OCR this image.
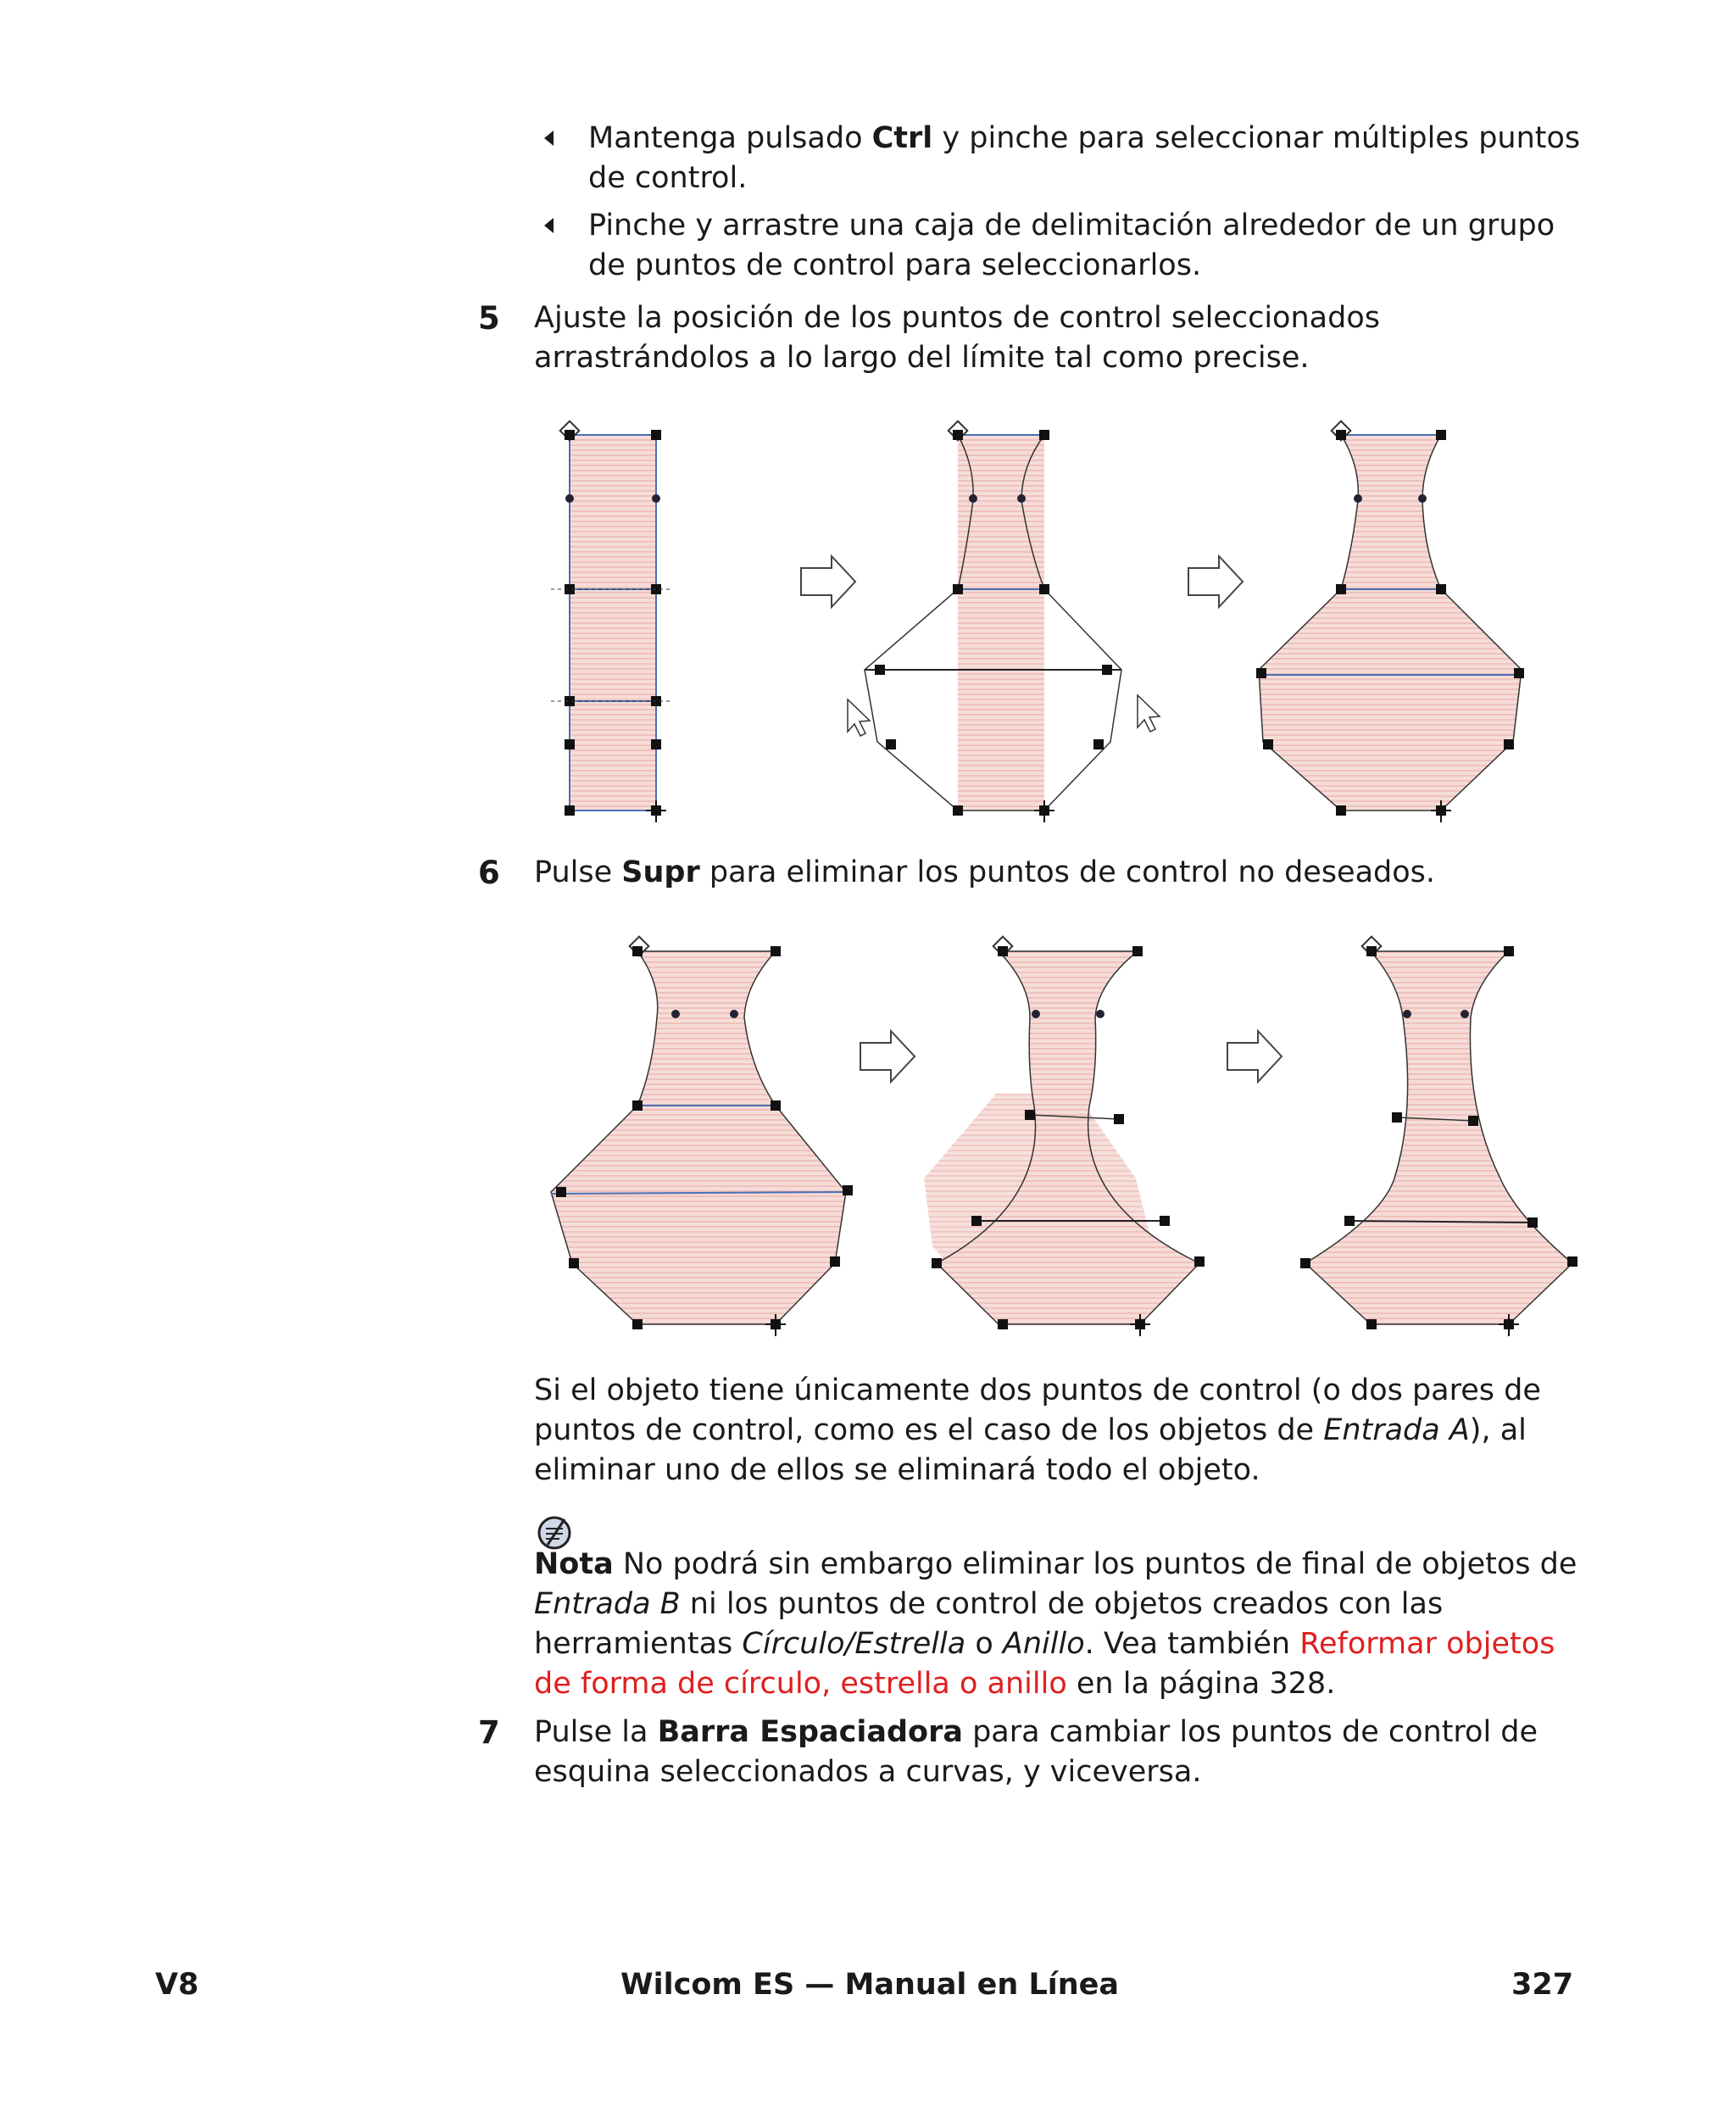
Mantenga pulsado Ctrl y pinche para seleccionar múltiples puntos de control.
Pinche y arrastre una caja de delimitación alrededor de un grupo de puntos de control para seleccionarlos.
5 Ajuste la posición de los puntos de control seleccionados arrastrándolos a lo largo del límite tal como precise.
6 Pulse Supr para eliminar los puntos de control no deseados.
Si el objeto tiene únicamente dos puntos de control (o dos pares de puntos de control, como es el caso de los objetos de Entrada A), al eliminar uno de ellos se eliminará todo el objeto.
Nota No podrá sin embargo eliminar los puntos de final de objetos de Entrada B ni los puntos de control de objetos creados con las herramientas Círculo/Estrella o Anillo. Vea también Reformar objetos de forma de círculo, estrella o anillo en la página 328.
7 Pulse la Barra Espaciadora para cambiar los puntos de control de esquina seleccionados a curvas, y viceversa.
V8	Wilcom ES — Manual en Línea	327
